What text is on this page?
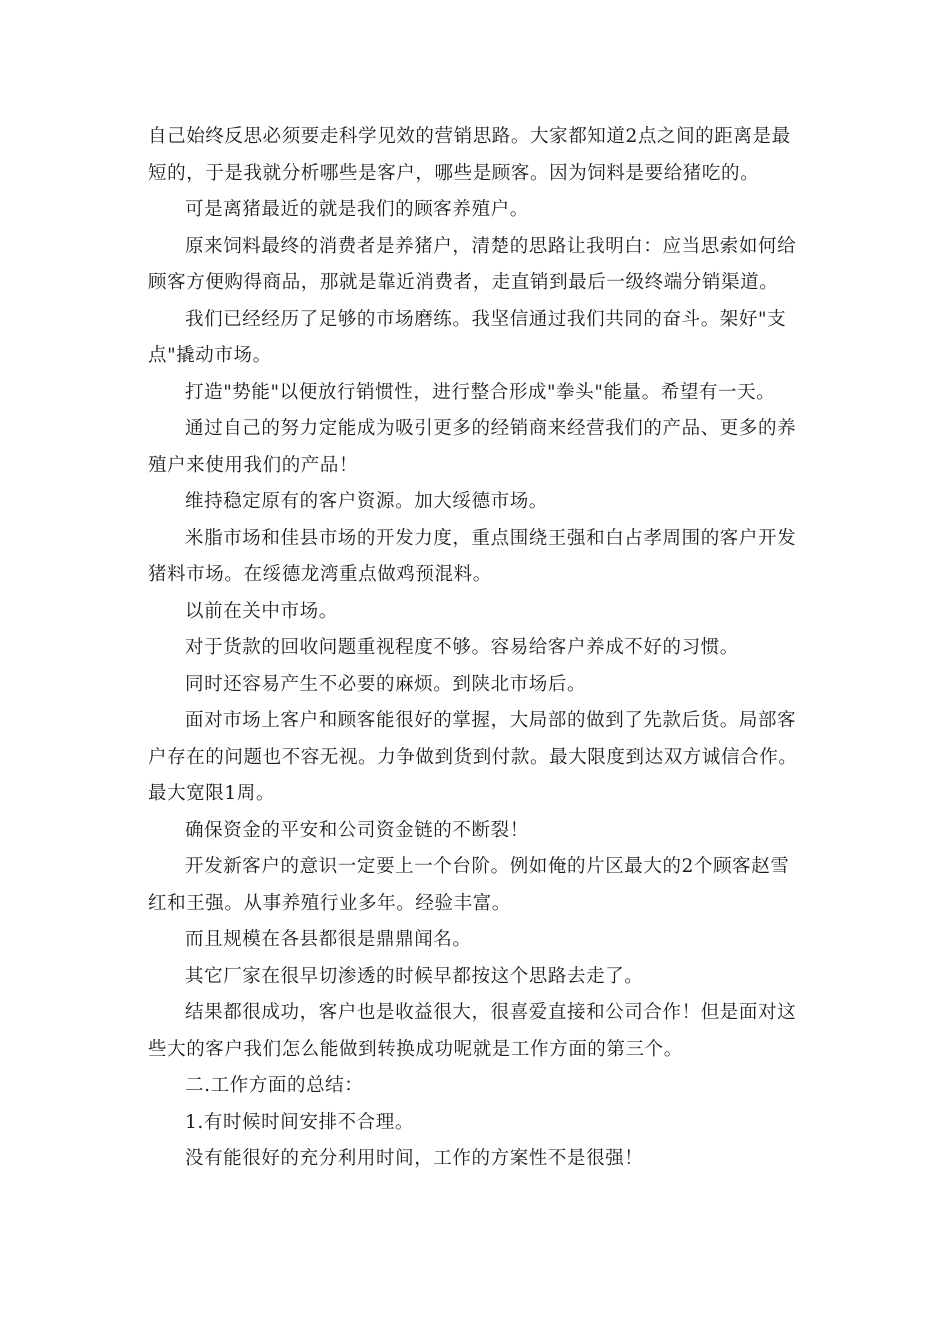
自己始终反思必须要走科学见效的营销思路。大家都知道2点之间的距离是最短的，于是我就分析哪些是客户，哪些是顾客。因为饲料是要给猪吃的。

可是离猪最近的就是我们的顾客养殖户。

原来饲料最终的消费者是养猪户，清楚的思路让我明白：应当思索如何给顾客方便购得商品，那就是靠近消费者，走直销到最后一级终端分销渠道。

我们已经经历了足够的市场磨练。我坚信通过我们共同的奋斗。架好"支点"撬动市场。

打造"势能"以便放行销惯性，进行整合形成"拳头"能量。希望有一天。

通过自己的努力定能成为吸引更多的经销商来经营我们的产品、更多的养殖户来使用我们的产品！

维持稳定原有的客户资源。加大绥德市场。

米脂市场和佳县市场的开发力度，重点围绕王强和白占孝周围的客户开发猪料市场。在绥德龙湾重点做鸡预混料。

以前在关中市场。

对于货款的回收问题重视程度不够。容易给客户养成不好的习惯。

同时还容易产生不必要的麻烦。到陕北市场后。

面对市场上客户和顾客能很好的掌握，大局部的做到了先款后货。局部客户存在的问题也不容无视。力争做到货到付款。最大限度到达双方诚信合作。最大宽限1周。

确保资金的平安和公司资金链的不断裂！

开发新客户的意识一定要上一个台阶。例如俺的片区最大的2个顾客赵雪红和王强。从事养殖行业多年。经验丰富。

而且规模在各县都很是鼎鼎闻名。

其它厂家在很早切渗透的时候早都按这个思路去走了。

结果都很成功，客户也是收益很大，很喜爱直接和公司合作！但是面对这些大的客户我们怎么能做到转换成功呢就是工作方面的第三个。

二.工作方面的总结：

1.有时候时间安排不合理。

没有能很好的充分利用时间，工作的方案性不是很强！
